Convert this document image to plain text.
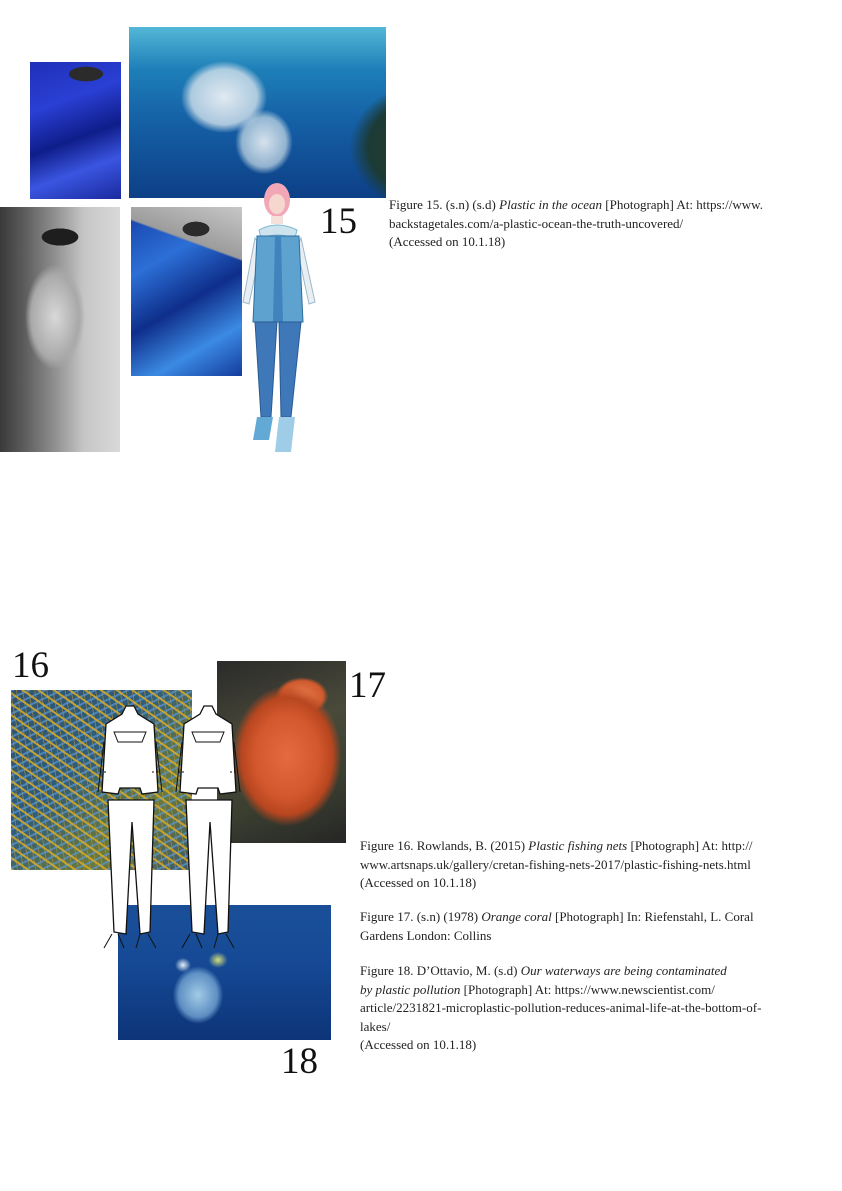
15 Figure 15. (s.n) (s.d) Plastic in the ocean [Photograph] At: https://www.

backstagetales.com/a-plastic-ocean-the-truth-uncovered/

(Accessed on 10.1.18)

16	17
18

Figure 16. Rowlands, B. (2015) Plastic fishing nets [Photograph] At: http://

www.artsnaps.uk/gallery/cretan-fishing-nets-2017/plastic-fishing-nets.html

(Accessed on 10.1.18)

Figure 17. (s.n) (1978) Orange coral [Photograph] In: Riefenstahl, L. Coral

Gardens London: Collins

Figure 18. D’Ottavio, M. (s.d) Our waterways are being contaminated

by plastic pollution [Photograph] At: https://www.newscientist.com/

article/2231821-microplastic-pollution-reduces-animal-life-at-the-bottom-of-

lakes/

(Accessed on 10.1.18)
